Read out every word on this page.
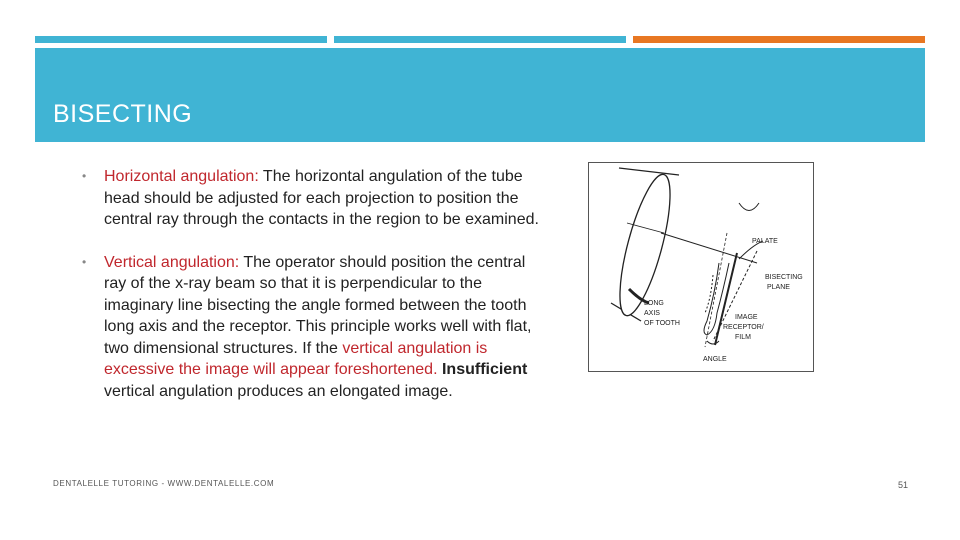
BISECTING
• Horizontal angulation: The horizontal angulation of the tube head should be adjusted for each projection to position the central ray through the contacts in the region to be examined.
• Vertical angulation: The operator should position the central ray of the x-ray beam so that it is perpendicular to the imaginary line bisecting the angle formed between the tooth long axis and the receptor. This principle works well with flat, two dimensional structures. If the vertical angulation is excessive the image will appear foreshortened. Insufficient vertical angulation produces an elongated image.
PALATE
BISECTING
PLANE
LONG
AXIS
OF TOOTH
IMAGE
RECEPTOR/
FILM
ANGLE
DENTALELLE TUTORING - WWW.DENTALELLE.COM	51
